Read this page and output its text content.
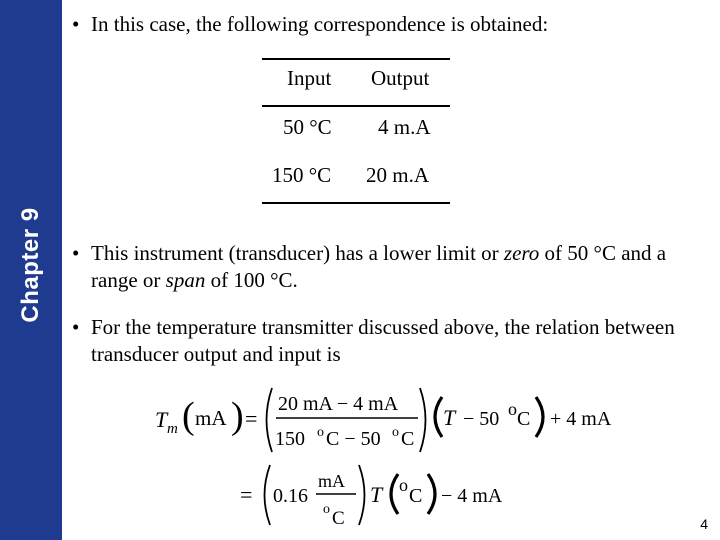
Chapter 9
• In this case, the following correspondence is obtained:
Input Output
50 °C 4 m.A
150 °C 20 m.A
• This instrument (transducer) has a lower limit or zero of 50 °C and a range or span of 100 °C.
• For the temperature transmitter discussed above, the relation between transducer output and input is
T m ( mA ) =
20 mA − 4 mA
150 o C − 50 o C
T − 50 o C + 4 mA
= 0.16
mA
o C
T o C − 4 mA
4
